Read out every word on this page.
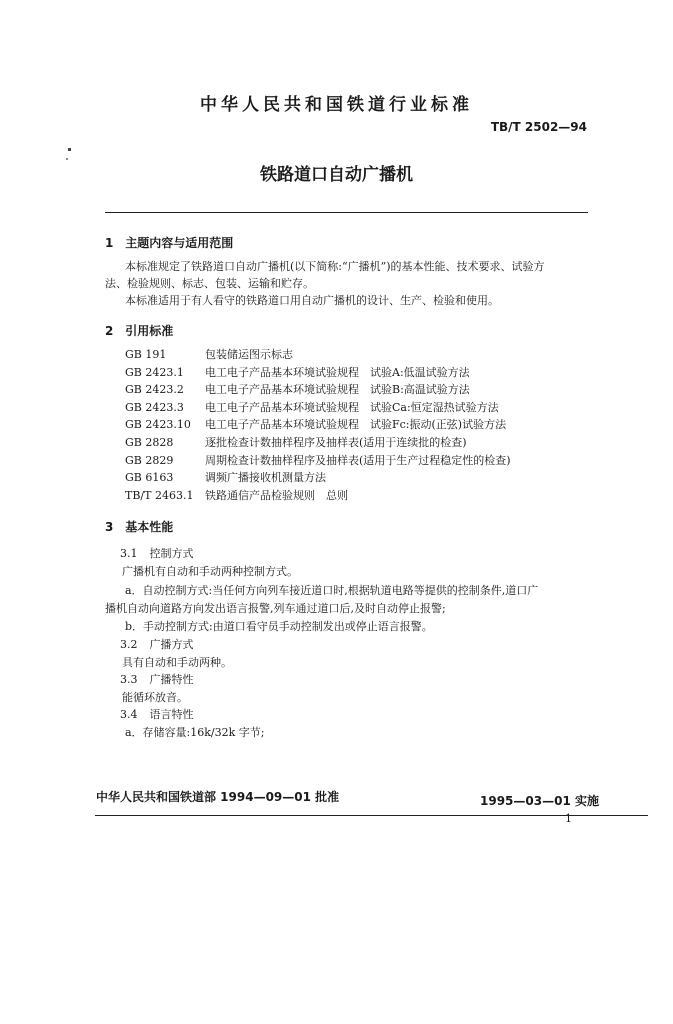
中华人民共和国铁道行业标准
TB/T 2502—94
铁路道口自动广播机
1 主题内容与适用范围
本标准规定了铁路道口自动广播机(以下简称:“广播机”)的基本性能、技术要求、试验方
法、检验规则、标志、包装、运输和贮存。
本标准适用于有人看守的铁路道口用自动广播机的设计、生产、检验和使用。
2 引用标准
GB 191	包装储运图示标志
GB 2423.1	电工电子产品基本环境试验规程　试验A:低温试验方法
GB 2423.2	电工电子产品基本环境试验规程　试验B:高温试验方法
GB 2423.3	电工电子产品基本环境试验规程　试验Ca:恒定湿热试验方法
GB 2423.10	电工电子产品基本环境试验规程　试验Fc:振动(正弦)试验方法
GB 2828	逐批检查计数抽样程序及抽样表(适用于连续批的检查)
GB 2829	周期检查计数抽样程序及抽样表(适用于生产过程稳定性的检查)
GB 6163	调频广播接收机测量方法
TB/T 2463.1	铁路通信产品检验规则　总则
3 基本性能
3.1 控制方式
广播机有自动和手动两种控制方式。
a．自动控制方式:当任何方向列车接近道口时,根据轨道电路等提供的控制条件,道口广
播机自动向道路方向发出语言报警,列车通过道口后,及时自动停止报警;
b．手动控制方式:由道口看守员手动控制发出或停止语言报警。
3.2 广播方式
具有自动和手动两种。
3.3 广播特性
能循环放音。
3.4 语言特性
a．存储容量:16k/32k 字节;
中华人民共和国铁道部 1994—09—01 批准	1995—03—01 实施
1
